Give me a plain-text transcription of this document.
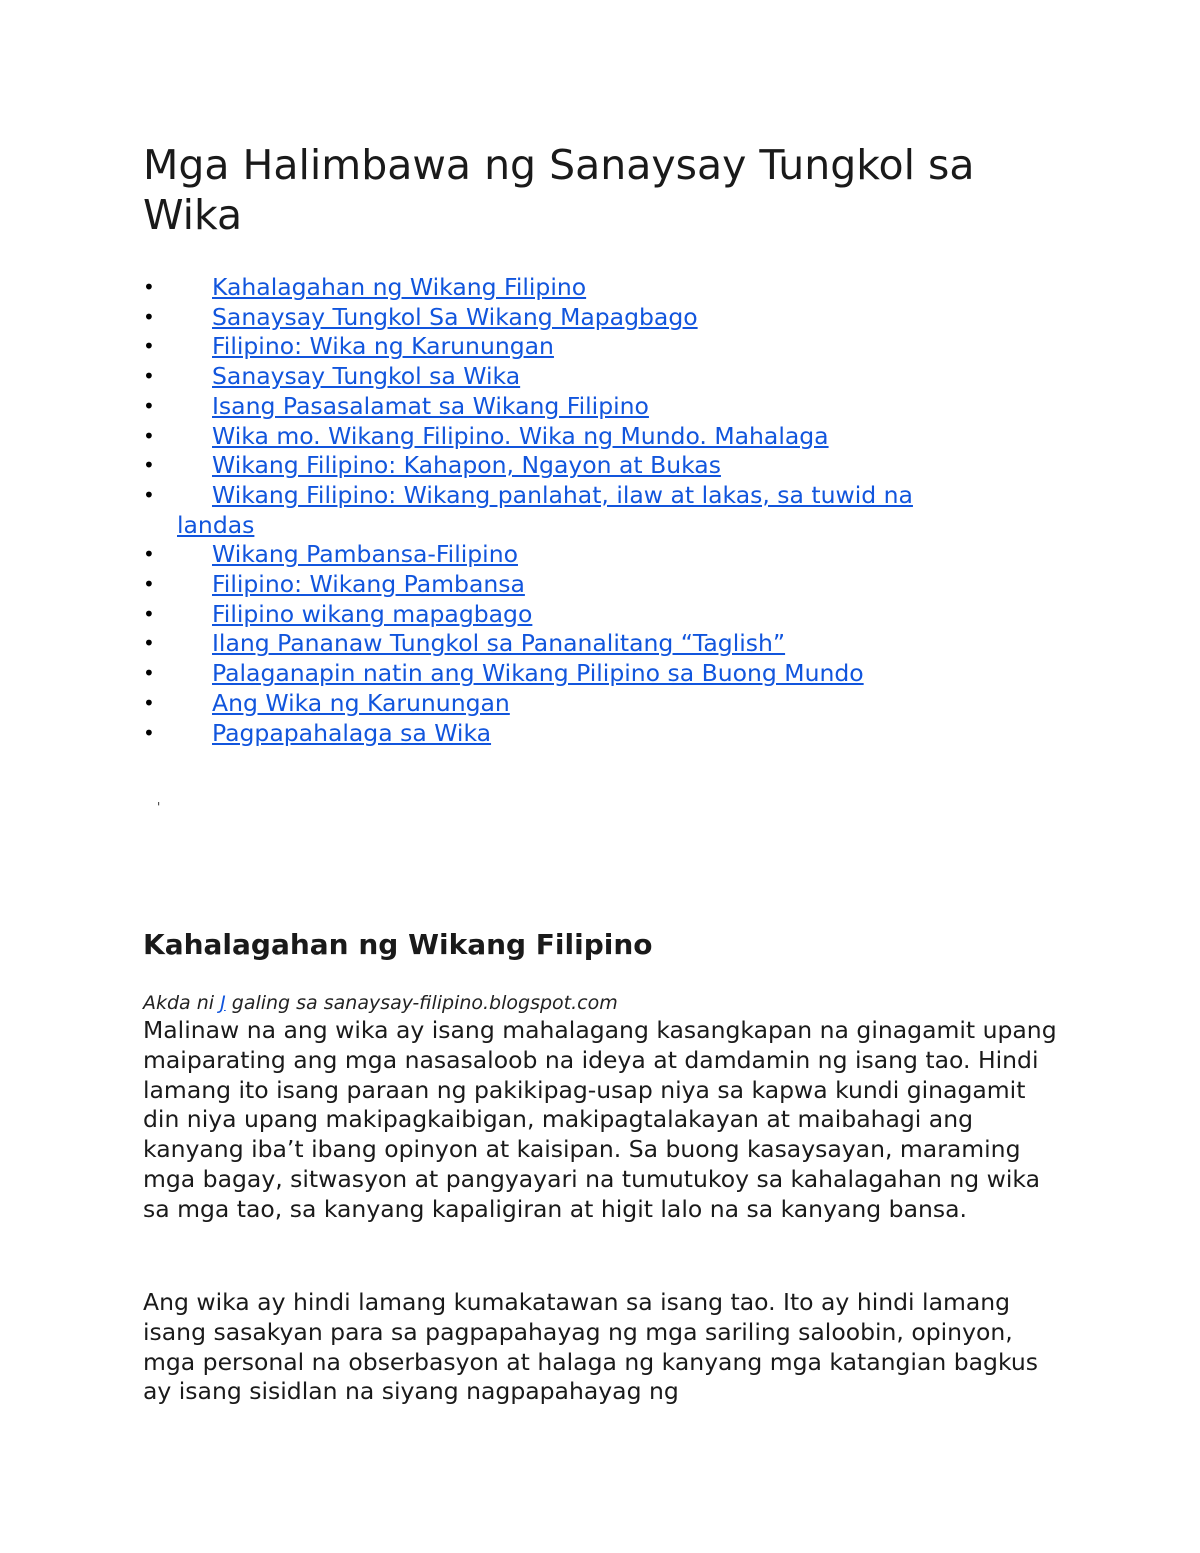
Mga Halimbawa ng Sanaysay Tungkol sa Wika
• Kahalagahan ng Wikang Filipino
• Sanaysay Tungkol Sa Wikang Mapagbago
• Filipino: Wika ng Karunungan
• Sanaysay Tungkol sa Wika
• Isang Pasasalamat sa Wikang Filipino
• Wika mo. Wikang Filipino. Wika ng Mundo. Mahalaga
• Wikang Filipino: Kahapon, Ngayon at Bukas
• Wikang Filipino: Wikang panlahat, ilaw at lakas, sa tuwid na
landas
• Wikang Pambansa-Filipino
• Filipino: Wikang Pambansa
• Filipino wikang mapagbago
• Ilang Pananaw Tungkol sa Pananalitang “Taglish”
• Palaganapin natin ang Wikang Pilipino sa Buong Mundo
• Ang Wika ng Karunungan
• Pagpapahalaga sa Wika
'
Kahalagahan ng Wikang Filipino
Akda ni J galing sa sanaysay-filipino.blogspot.com

Malinaw na ang wika ay isang mahalagang kasangkapan na ginagamit upang maiparating ang mga nasasaloob na ideya at damdamin ng isang tao. Hindi lamang ito isang paraan ng pakikipag-usap niya sa kapwa kundi ginagamit din niya upang makipagkaibigan, makipagtalakayan at maibahagi ang kanyang iba’t ibang opinyon at kaisipan. Sa buong kasaysayan, maraming mga bagay, sitwasyon at pangyayari na tumutukoy sa kahalagahan ng wika sa mga tao, sa kanyang kapaligiran at higit lalo na sa kanyang bansa.

Ang wika ay hindi lamang kumakatawan sa isang tao. Ito ay hindi lamang isang sasakyan para sa pagpapahayag ng mga sariling saloobin, opinyon, mga personal na obserbasyon at halaga ng kanyang mga katangian bagkus ay isang sisidlan na siyang nagpapahayag ng
